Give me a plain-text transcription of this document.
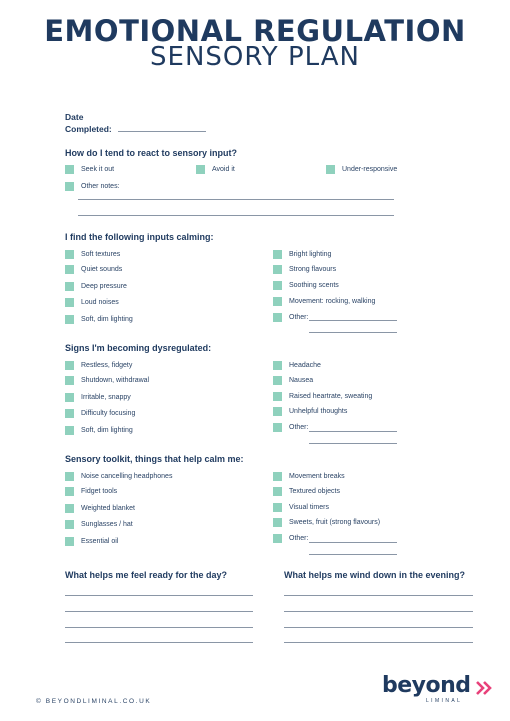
EMOTIONAL REGULATION
SENSORY PLAN
Date
Completed:
How do I tend to react to sensory input?
Seek it out	Avoid it	Under-responsive
Other notes:
I find the following inputs calming:
Soft textures
Quiet sounds
Deep pressure
Loud noises
Soft, dim lighting
Bright lighting
Strong flavours
Soothing scents
Movement: rocking, walking
Other:
Signs I'm becoming dysregulated:
Restless, fidgety
Shutdown, withdrawal
Irritable, snappy
Difficulty focusing
Soft, dim lighting
Headache
Nausea
Raised heartrate, sweating
Unhelpful thoughts
Other:
Sensory toolkit, things that help calm me:
Noise cancelling headphones
Fidget tools
Weighted blanket
Sunglasses / hat
Essential oil
Movement breaks
Textured objects
Visual timers
Sweets, fruit (strong flavours)
Other:
What helps me feel ready for the day?	What helps me wind down in the evening?
© BEYONDLIMINAL.CO.UK
beyond
LIMINAL
